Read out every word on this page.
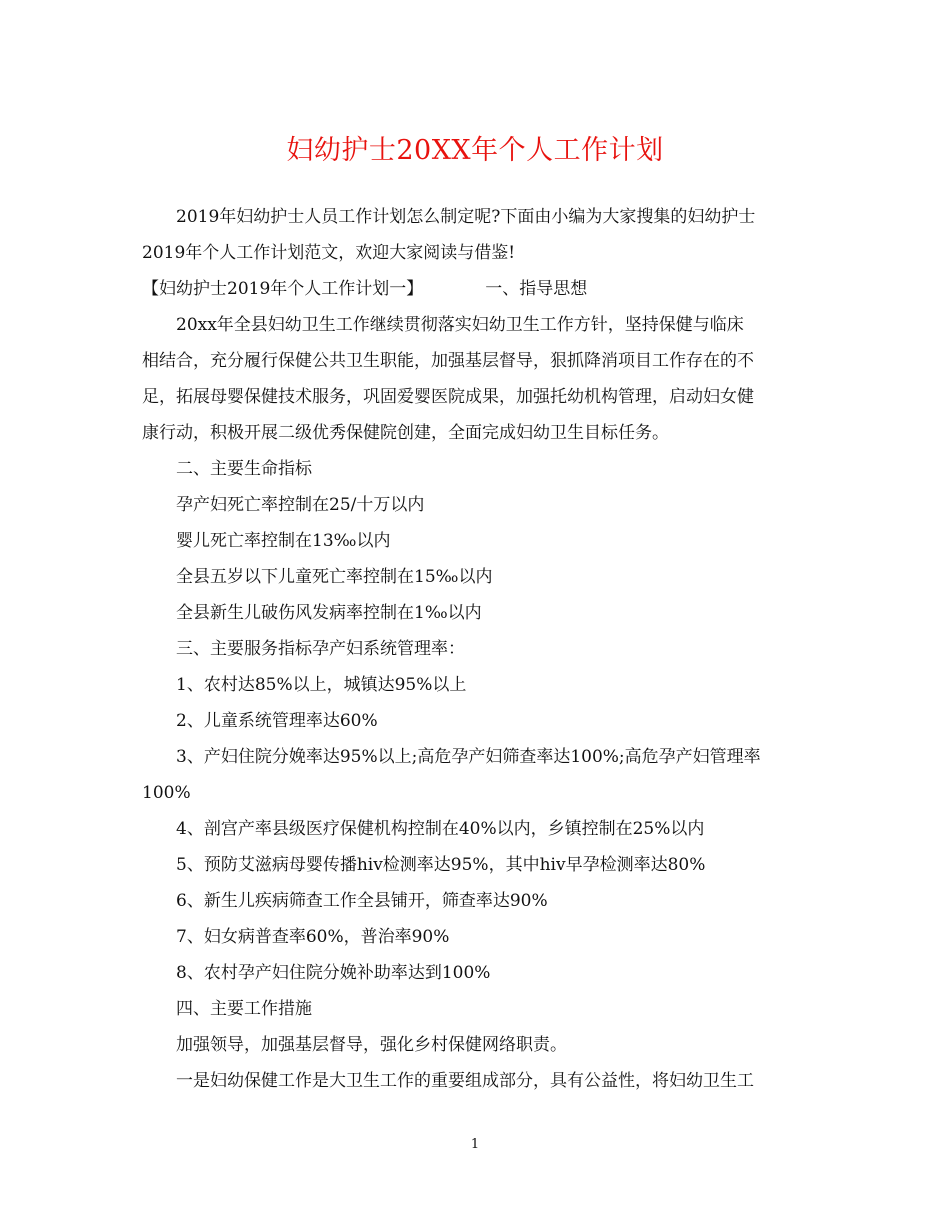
妇幼护士20XX年个人工作计划
2019年妇幼护士人员工作计划怎么制定呢?下面由小编为大家搜集的妇幼护士
2019年个人工作计划范文，欢迎大家阅读与借鉴!
【妇幼护士2019年个人工作计划一】	一、指导思想
20xx年全县妇幼卫生工作继续贯彻落实妇幼卫生工作方针，坚持保健与临床
相结合，充分履行保健公共卫生职能，加强基层督导，狠抓降消项目工作存在的不
足，拓展母婴保健技术服务，巩固爱婴医院成果，加强托幼机构管理，启动妇女健
康行动，积极开展二级优秀保健院创建，全面完成妇幼卫生目标任务。
二、主要生命指标
孕产妇死亡率控制在25/十万以内
婴儿死亡率控制在13‰以内
全县五岁以下儿童死亡率控制在15‰以内
全县新生儿破伤风发病率控制在1‰以内
三、主要服务指标孕产妇系统管理率：
1、农村达85%以上，城镇达95%以上
2、儿童系统管理率达60%
3、产妇住院分娩率达95%以上;高危孕产妇筛查率达100%;高危孕产妇管理率
100%
4、剖宫产率县级医疗保健机构控制在40%以内，乡镇控制在25%以内
5、预防艾滋病母婴传播hiv检测率达95%，其中hiv早孕检测率达80%
6、新生儿疾病筛查工作全县铺开，筛查率达90%
7、妇女病普查率60%，普治率90%
8、农村孕产妇住院分娩补助率达到100%
四、主要工作措施
加强领导，加强基层督导，强化乡村保健网络职责。
一是妇幼保健工作是大卫生工作的重要组成部分，具有公益性，将妇幼卫生工
1
